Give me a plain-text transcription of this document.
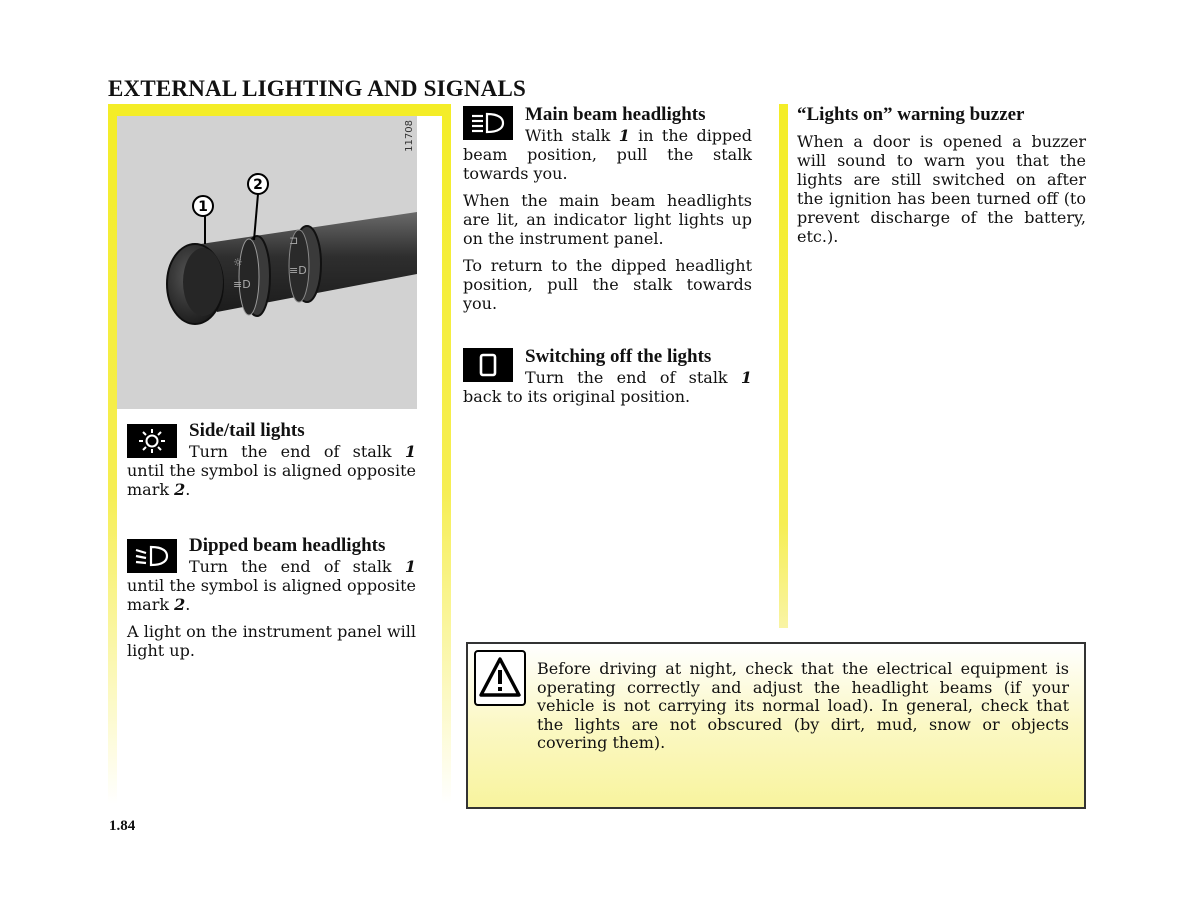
EXTERNAL LIGHTING AND SIGNALS
⊐
≡D
☼
≡D
1
2
11708
Side/tail lights

Turn the end of stalk 1 until the symbol is aligned opposite mark 2.

Dipped beam headlights

Turn the end of stalk 1 until the symbol is aligned opposite mark 2.

A light on the instrument panel will light up.

Main beam headlights

With stalk 1 in the dipped beam position, pull the stalk towards you.

When the main beam headlights are lit, an indicator light lights up on the instrument panel.

To return to the dipped headlight position, pull the stalk towards you.

Switching off the lights

Turn the end of stalk 1 back to its original position.

“Lights on” warning buzzer

When a door is opened a buzzer will sound to warn you that the lights are still switched on after the ignition has been turned off (to prevent discharge of the battery, etc.).

Before driving at night, check that the electrical equipment is operating correctly and adjust the headlight beams (if your vehicle is not carrying its normal load). In general, check that the lights are not obscured (by dirt, mud, snow or objects covering them).
1.84
